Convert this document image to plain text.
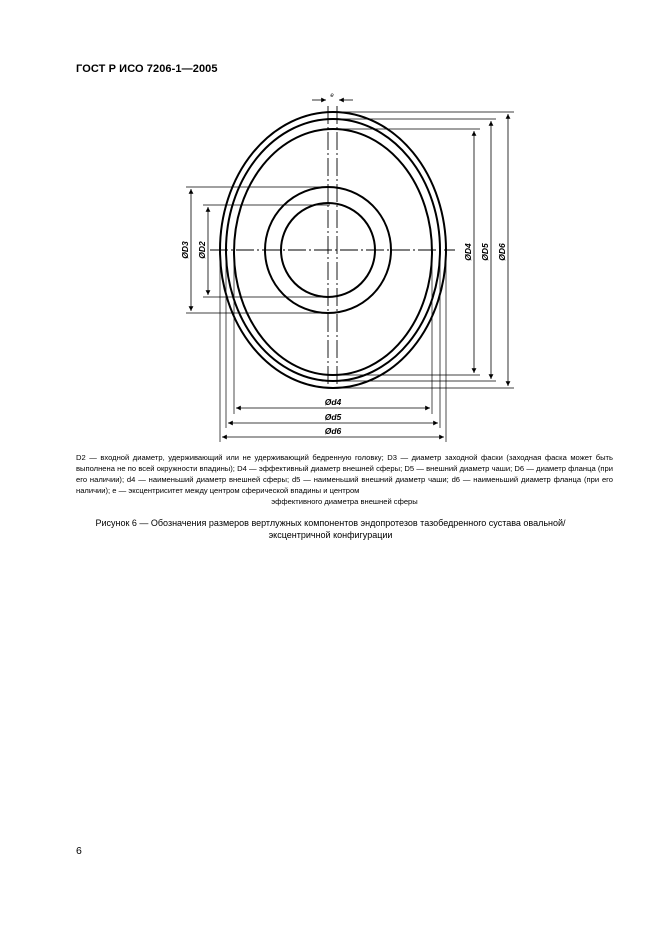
ГОСТ Р ИСО 7206-1—2005
e
ØD3 ØD2	ØD4 ØD5 ØD6
Ød4
Ød5
Ød6
D2 — входной диаметр, удерживающий или не удерживающий бедренную головку; D3 — диаметр заходной фаски (заходная фаска может быть выполнена не по всей окружности впадины); D4 — эффективный диаметр внешней сферы; D5 — внешний диаметр чаши; D6 — диаметр фланца (при его наличии); d4 — наименьший диаметр внешней сферы; d5 — наименьший внешний диаметр чаши; d6 — наименьший диаметр фланца (при его наличии); e — эксцентриситет между центром сферической впадины и центром
эффективного диаметра внешней сферы
Рисунок 6 — Обозначения размеров вертлужных компонентов эндопротезов тазобедренного сустава овальной/эксцентричной конфигурации
6
